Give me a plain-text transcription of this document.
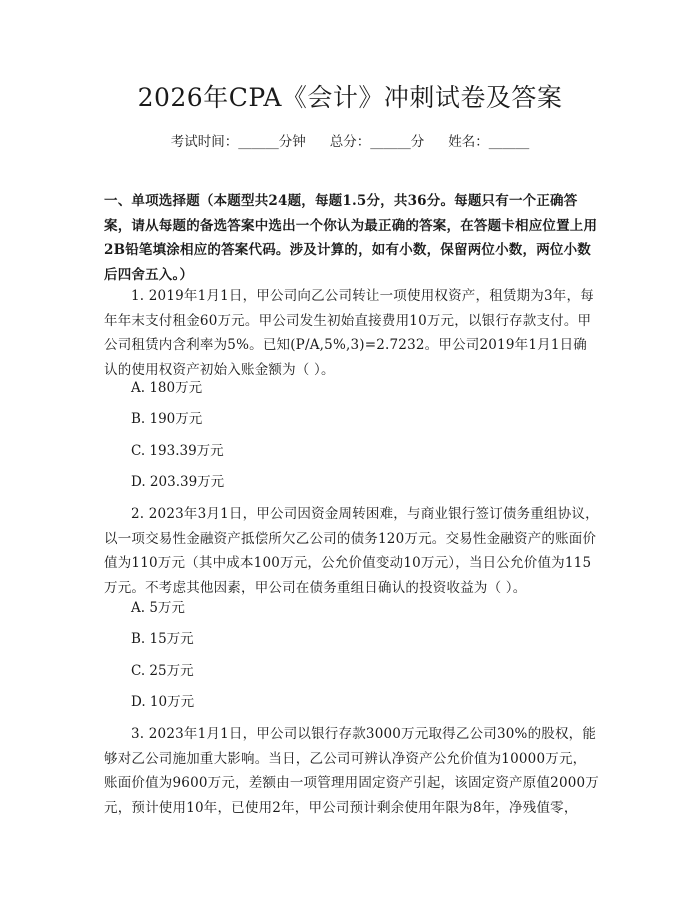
2026年CPA《会计》冲刺试卷及答案
考试时间：______分钟 总分：______分 姓名：______
一、单项选择题（本题型共24题，每题1.5分，共36分。每题只有一个正确答案，请从每题的备选答案中选出一个你认为最正确的答案，在答题卡相应位置上用2B铅笔填涂相应的答案代码。涉及计算的，如有小数，保留两位小数，两位小数后四舍五入。）
1. 2019年1月1日，甲公司向乙公司转让一项使用权资产，租赁期为3年，每年年末支付租金60万元。甲公司发生初始直接费用10万元，以银行存款支付。甲公司租赁内含利率为5%。已知(P/A,5%,3)=2.7232。甲公司2019年1月1日确认的使用权资产初始入账金额为（ ）。
A. 180万元
B. 190万元
C. 193.39万元
D. 203.39万元
2. 2023年3月1日，甲公司因资金周转困难，与商业银行签订债务重组协议，以一项交易性金融资产抵偿所欠乙公司的债务120万元。交易性金融资产的账面价值为110万元（其中成本100万元，公允价值变动10万元），当日公允价值为115万元。不考虑其他因素，甲公司在债务重组日确认的投资收益为（ ）。
A. 5万元
B. 15万元
C. 25万元
D. 10万元
3. 2023年1月1日，甲公司以银行存款3000万元取得乙公司30%的股权，能够对乙公司施加重大影响。当日，乙公司可辨认净资产公允价值为10000万元，账面价值为9600万元，差额由一项管理用固定资产引起，该固定资产原值2000万元，预计使用10年，已使用2年，甲公司预计剩余使用年限为8年，净残值零，
